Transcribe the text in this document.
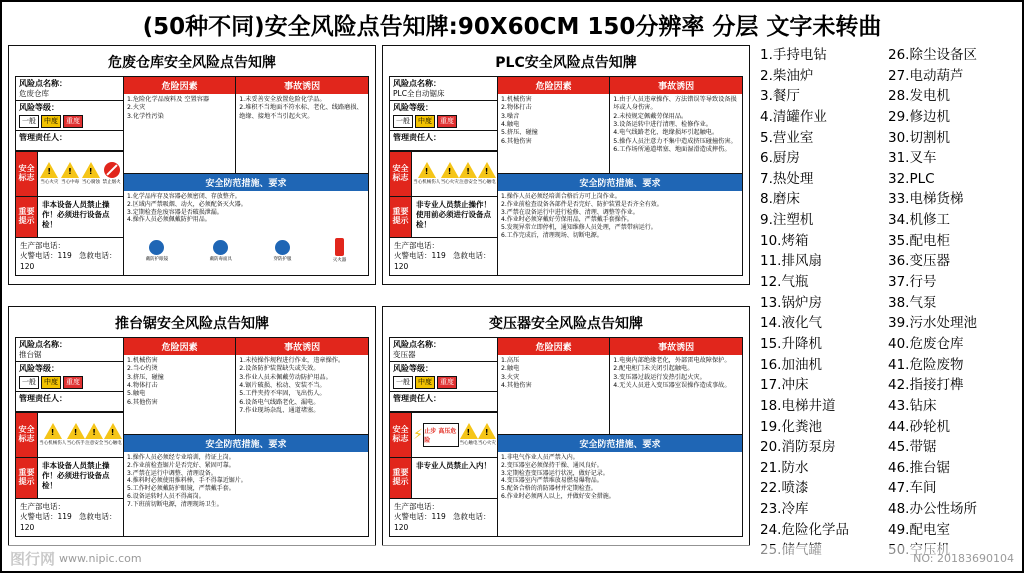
(50种不同)安全风险点告知牌:90X60CM 150分辨率 分层 文字未转曲
危废仓库安全风险点告知牌
风险点名称：
危废仓库
风险等级：
一般	中度	重度
管理责任人：
安全标志
!
当心火灾
! 当心中毒
! 当心腐蚀 禁止烟火
重要提示
非本设备人员禁止操作！必须进行设备点检！
生产部电话：
火警电话：119 急救电话：120
危险因素
1.危险化学品废料及 空置容器
2.火灾
3.化学性污染
事故诱因
1.未妥善安全放置危险化学品。
2.堆积不当地面不符水标、老化、线路磨损、绝缘、接地不当引起火灾。
安全防范措施、要求
1.化学品库存及容器必须密闭、存放整齐。
2.区域内严禁吸烟、动火，必须配备灭火器。
3.定期检查危废容器是否破损泄漏。
4.操作人员必须佩戴防护用品。
戴防护眼镜	戴防毒面具	穿防护服	灭火器
PLC安全风险点告知牌
风险点名称：
PLC全自动锯床
风险等级：
一般	中度	重度
管理责任人：
安全标志
!
当心机械伤人
! 当心火灾
! 注意安全
! 当心触电
重要提示
非专业人员禁止操作！使用前必须进行设备点检！
生产部电话：
火警电话：119 急救电话：120
危险因素
1.机械伤害
2.物体打击
3.噪音
4.触电
5.挤压、碰撞
6.其他伤害
事故诱因
1.由于人员违章操作、方法错误等导致设备损坏或人身伤害。
2.未按规定佩戴劳保用品。
3.设备运转中进行清理、检修作业。
4.电气线路老化、绝缘损坏引起触电。
5.操作人员注意力不集中造成挤压碰撞伤害。
6.工作场所通道堵塞、地面湿滑造成摔伤。
安全防范措施、要求
1.操作人员必须经培训合格后方可上岗作业。
2.作业前检查设备各部件是否完好、防护装置是否齐全有效。
3.严禁在设备运行中进行检修、清理、调整等作业。
4.作业时必须穿戴好劳保用品，严禁戴手套操作。
5.发现异常立即停机，通知维修人员处理，严禁带病运行。
6.工作完成后，清理现场、切断电源。
推台锯安全风险点告知牌
风险点名称：
推台锯
风险等级：
一般	中度	重度
管理责任人：
安全标志
!
当心机械伤人
! 当心伤手
! 注意安全
! 当心触电
重要提示
非本设备人员禁止操作！必须进行设备点检！
生产部电话：
火警电话：119 急救电话：120
危险因素
1.机械伤害
2.当心灼烫
3.挤压、碰撞
4.物体打击
5.触电
6.其他伤害
事故诱因
1.未按操作规程进行作业，违章操作。
2.设备防护装置缺失或失效。
3.作业人员未佩戴劳动防护用品。
4.锯片破损、松动、安装不当。
5.工件夹持不牢固，飞出伤人。
6.设备电气线路老化、漏电。
7.作业现场杂乱、通道堵塞。
安全防范措施、要求
1.操作人员必须经专业培训，持证上岗。
2.作业前检查锯片是否完好、紧固可靠。
3.严禁在运行中调整、清理设备。
4.推料时必须使用推料棒，手不得靠近锯片。
5.工作时必须戴防护眼镜，严禁戴手套。
6.设备运转时人员不得离岗。
7.下班前切断电源，清理现场卫生。
变压器安全风险点告知牌
风险点名称：
变压器
风险等级：
一般	中度	重度
管理责任人：
安全标志 ⚡ 止步 高压危险
!	当心触电
! 当心火灾
重要提示
非专业人员禁止入内！
生产部电话：
火警电话：119 急救电话：120
危险因素
1.高压
2.触电
3.火灾
4.其他伤害
事故诱因
1.电奥内部绝缘老化，外部雷电故障保护。
2.配电柜门未关闭引起触电。
3.变压器过载运行发热引起火灾。
4.无关人员进入变压器室误操作造成事故。
安全防范措施、要求
1.非电气作业人员严禁入内。
2.变压器室必须保持干燥、通风良好。
3.定期检查变压器运行状况，做好记录。
4.变压器室内严禁堆放易燃易爆物品。
5.配备合格的消防器材并定期检查。
6.作业时必须两人以上，并做好安全措施。
1.手持电钻
2.柴油炉
3.餐厅
4.清罐作业
5.营业室
6.厨房
7.热处理
8.磨床
9.注塑机
10.烤箱
11.排风扇
12.气瓶
13.锅炉房
14.液化气
15.升降机
16.加油机
17.冲床
18.电梯井道
19.化粪池
20.消防泵房
21.防水
22.喷漆
23.冷库
24.危险化学品
26.除尘设备区
27.电动葫芦
28.发电机
29.修边机
30.切割机
31.叉车
32.PLC
33.电梯货梯
34.机修工
35.配电柜
36.变压器
37.行号
38.气泵
39.污水处理池
40.危废仓库
41.危险废物
42.指接打榫
43.钻床
44.砂轮机
45.带锯
46.推台锯
47.车间
48.办公性场所
49.配电室
图行网 www.nipic.com	NO: 20183690104
